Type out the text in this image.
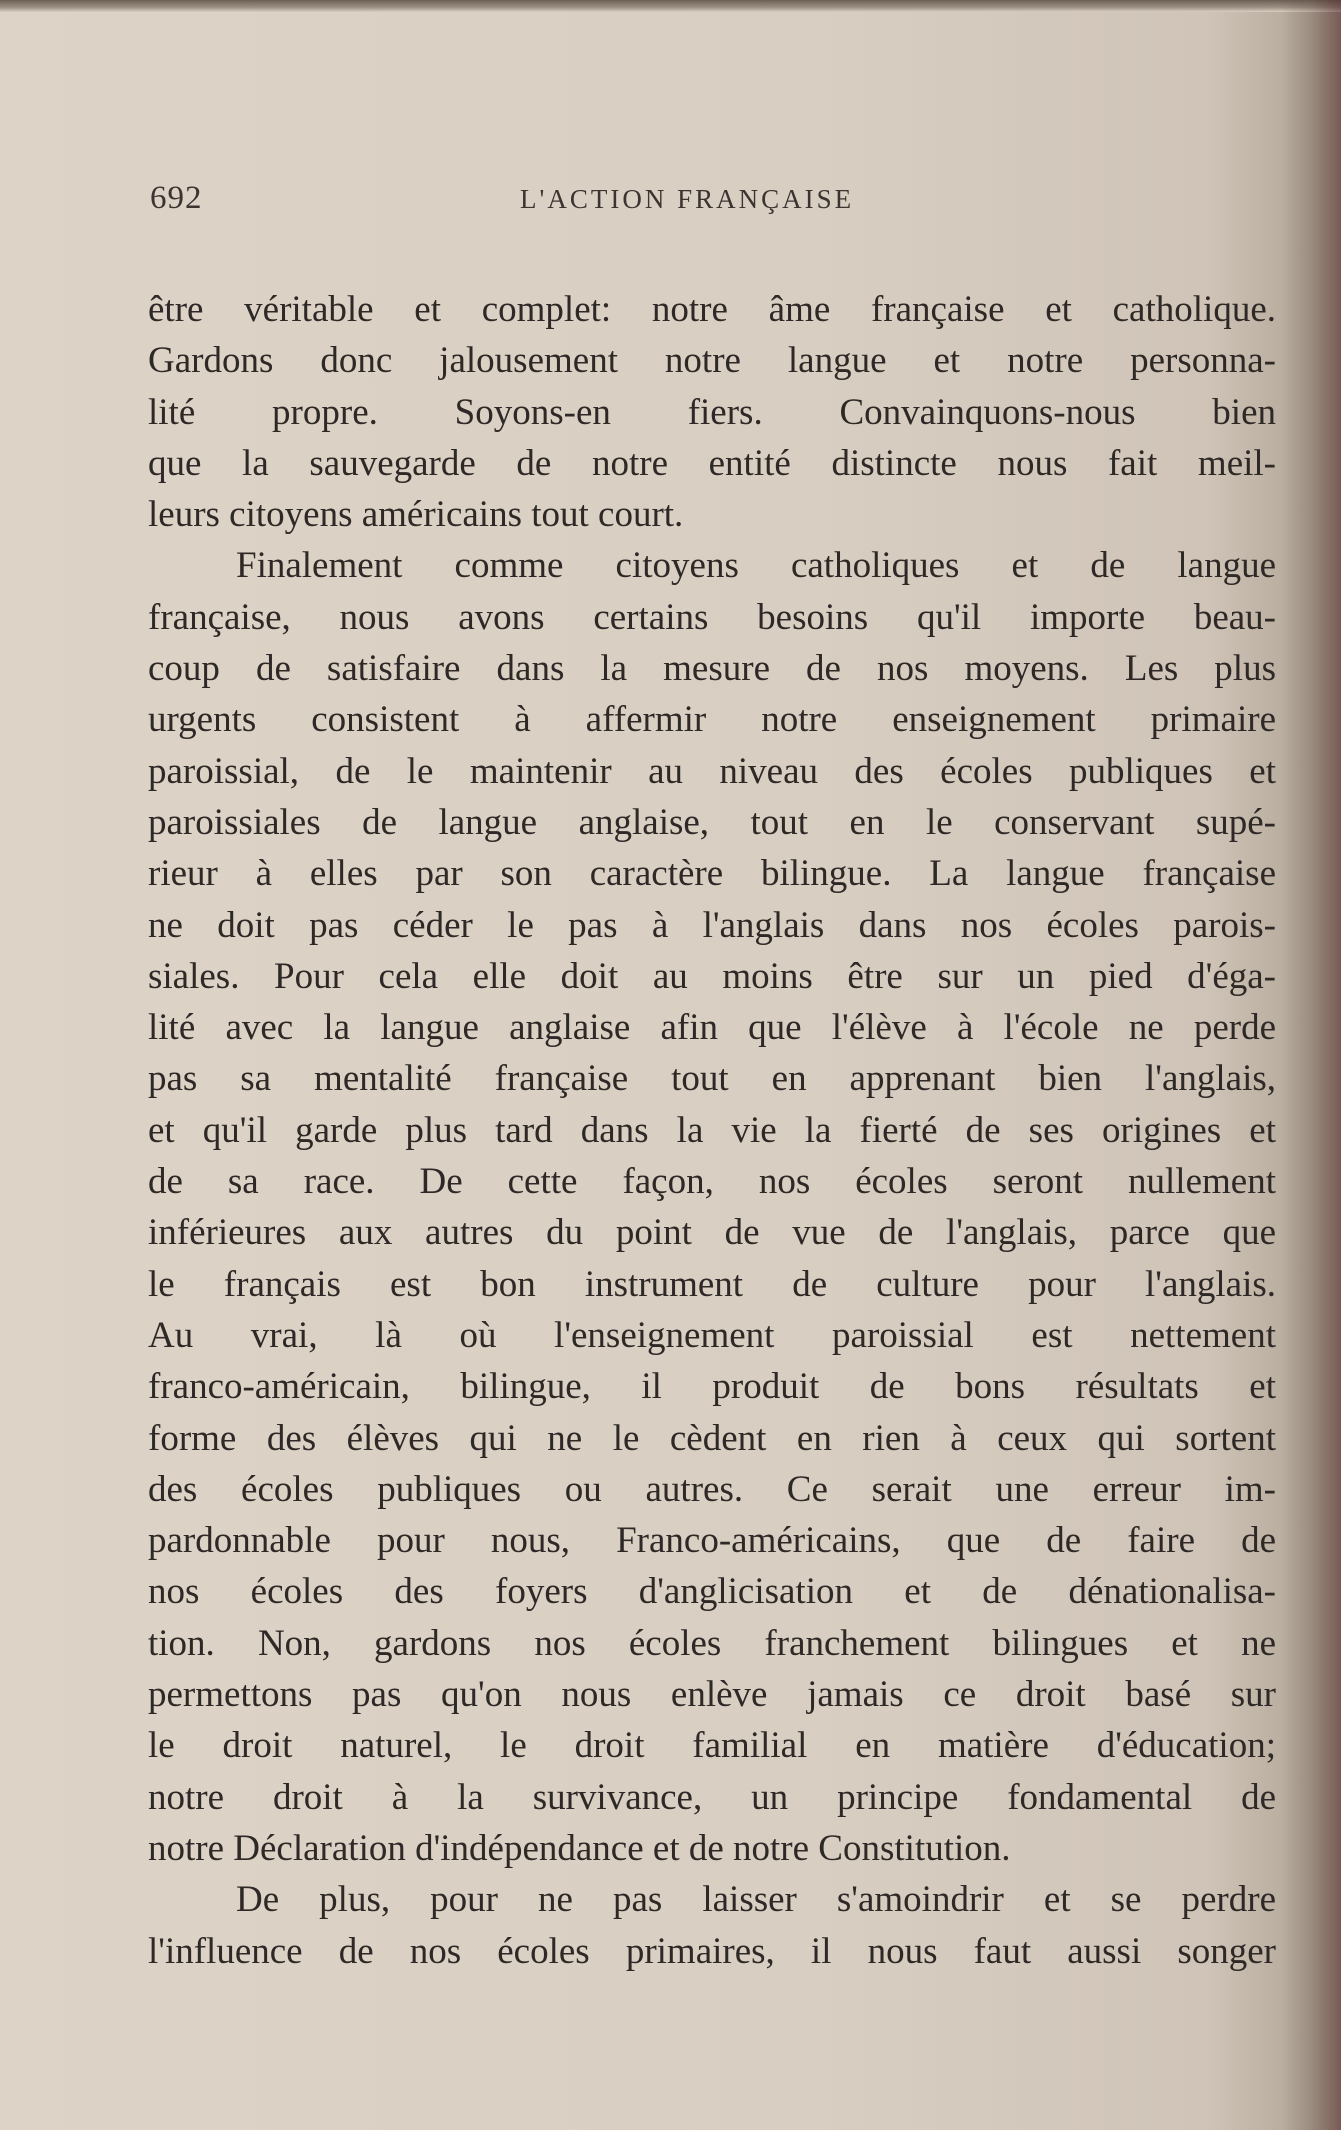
692	L'ACTION FRANÇAISE
être véritable et complet: notre âme française et catholique.
Gardons donc jalousement notre langue et notre personna-
lité propre. Soyons-en fiers. Convainquons-nous bien
que la sauvegarde de notre entité distincte nous fait meil-
leurs citoyens américains tout court.
Finalement comme citoyens catholiques et de langue
française, nous avons certains besoins qu'il importe beau-
coup de satisfaire dans la mesure de nos moyens. Les plus
urgents consistent à affermir notre enseignement primaire
paroissial, de le maintenir au niveau des écoles publiques et
paroissiales de langue anglaise, tout en le conservant supé-
rieur à elles par son caractère bilingue. La langue française
ne doit pas céder le pas à l'anglais dans nos écoles parois-
siales. Pour cela elle doit au moins être sur un pied d'éga-
lité avec la langue anglaise afin que l'élève à l'école ne perde
pas sa mentalité française tout en apprenant bien l'anglais,
et qu'il garde plus tard dans la vie la fierté de ses origines et
de sa race. De cette façon, nos écoles seront nullement
inférieures aux autres du point de vue de l'anglais, parce que
le français est bon instrument de culture pour l'anglais.
Au vrai, là où l'enseignement paroissial est nettement
franco-américain, bilingue, il produit de bons résultats et
forme des élèves qui ne le cèdent en rien à ceux qui sortent
des écoles publiques ou autres. Ce serait une erreur im-
pardonnable pour nous, Franco-américains, que de faire de
nos écoles des foyers d'anglicisation et de dénationalisa-
tion. Non, gardons nos écoles franchement bilingues et ne
permettons pas qu'on nous enlève jamais ce droit basé sur
le droit naturel, le droit familial en matière d'éducation;
notre droit à la survivance, un principe fondamental de
notre Déclaration d'indépendance et de notre Constitution.
De plus, pour ne pas laisser s'amoindrir et se perdre
l'influence de nos écoles primaires, il nous faut aussi songer
